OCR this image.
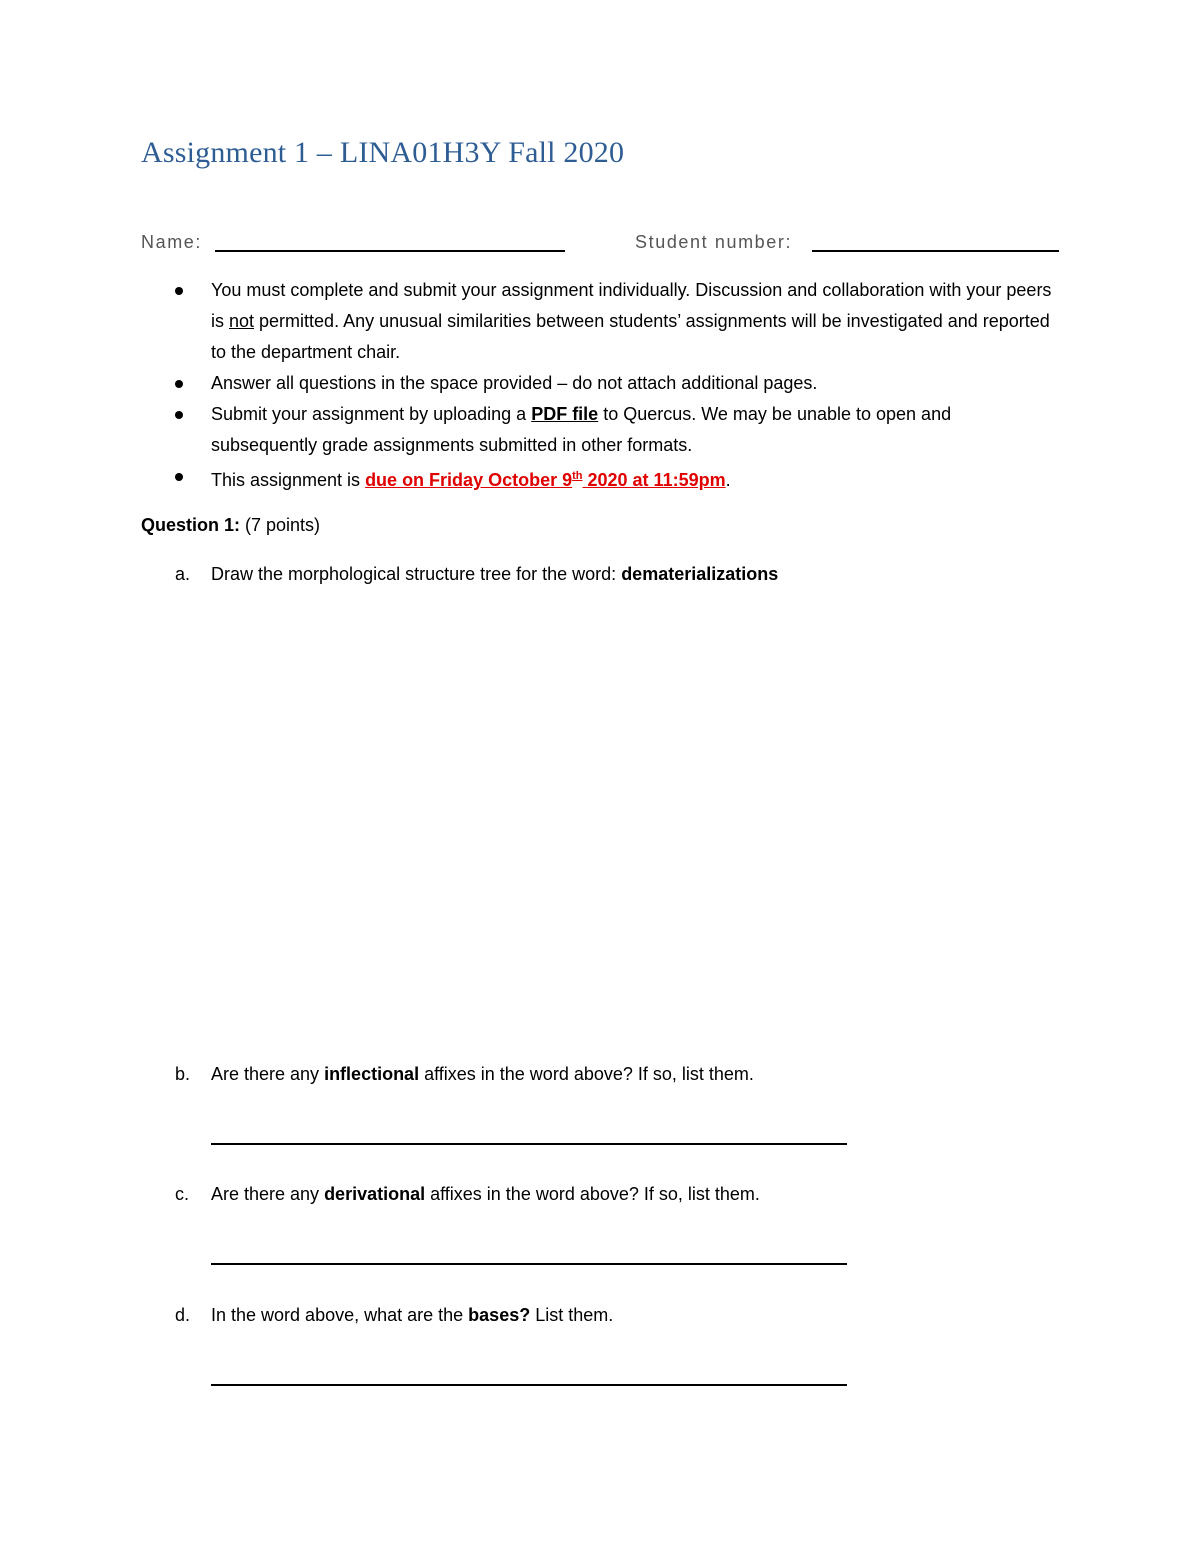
Assignment 1 – LINA01H3Y Fall 2020
Name:	Student number:
You must complete and submit your assignment individually. Discussion and collaboration with your peers is not permitted. Any unusual similarities between students’ assignments will be investigated and reported to the department chair.
Answer all questions in the space provided – do not attach additional pages.
Submit your assignment by uploading a PDF file to Quercus. We may be unable to open and subsequently grade assignments submitted in other formats.
This assignment is due on Friday October 9th 2020 at 11:59pm.
Question 1: (7 points)
a. Draw the morphological structure tree for the word: dematerializations
b. Are there any inflectional affixes in the word above? If so, list them.
c. Are there any derivational affixes in the word above? If so, list them.
d. In the word above, what are the bases? List them.
